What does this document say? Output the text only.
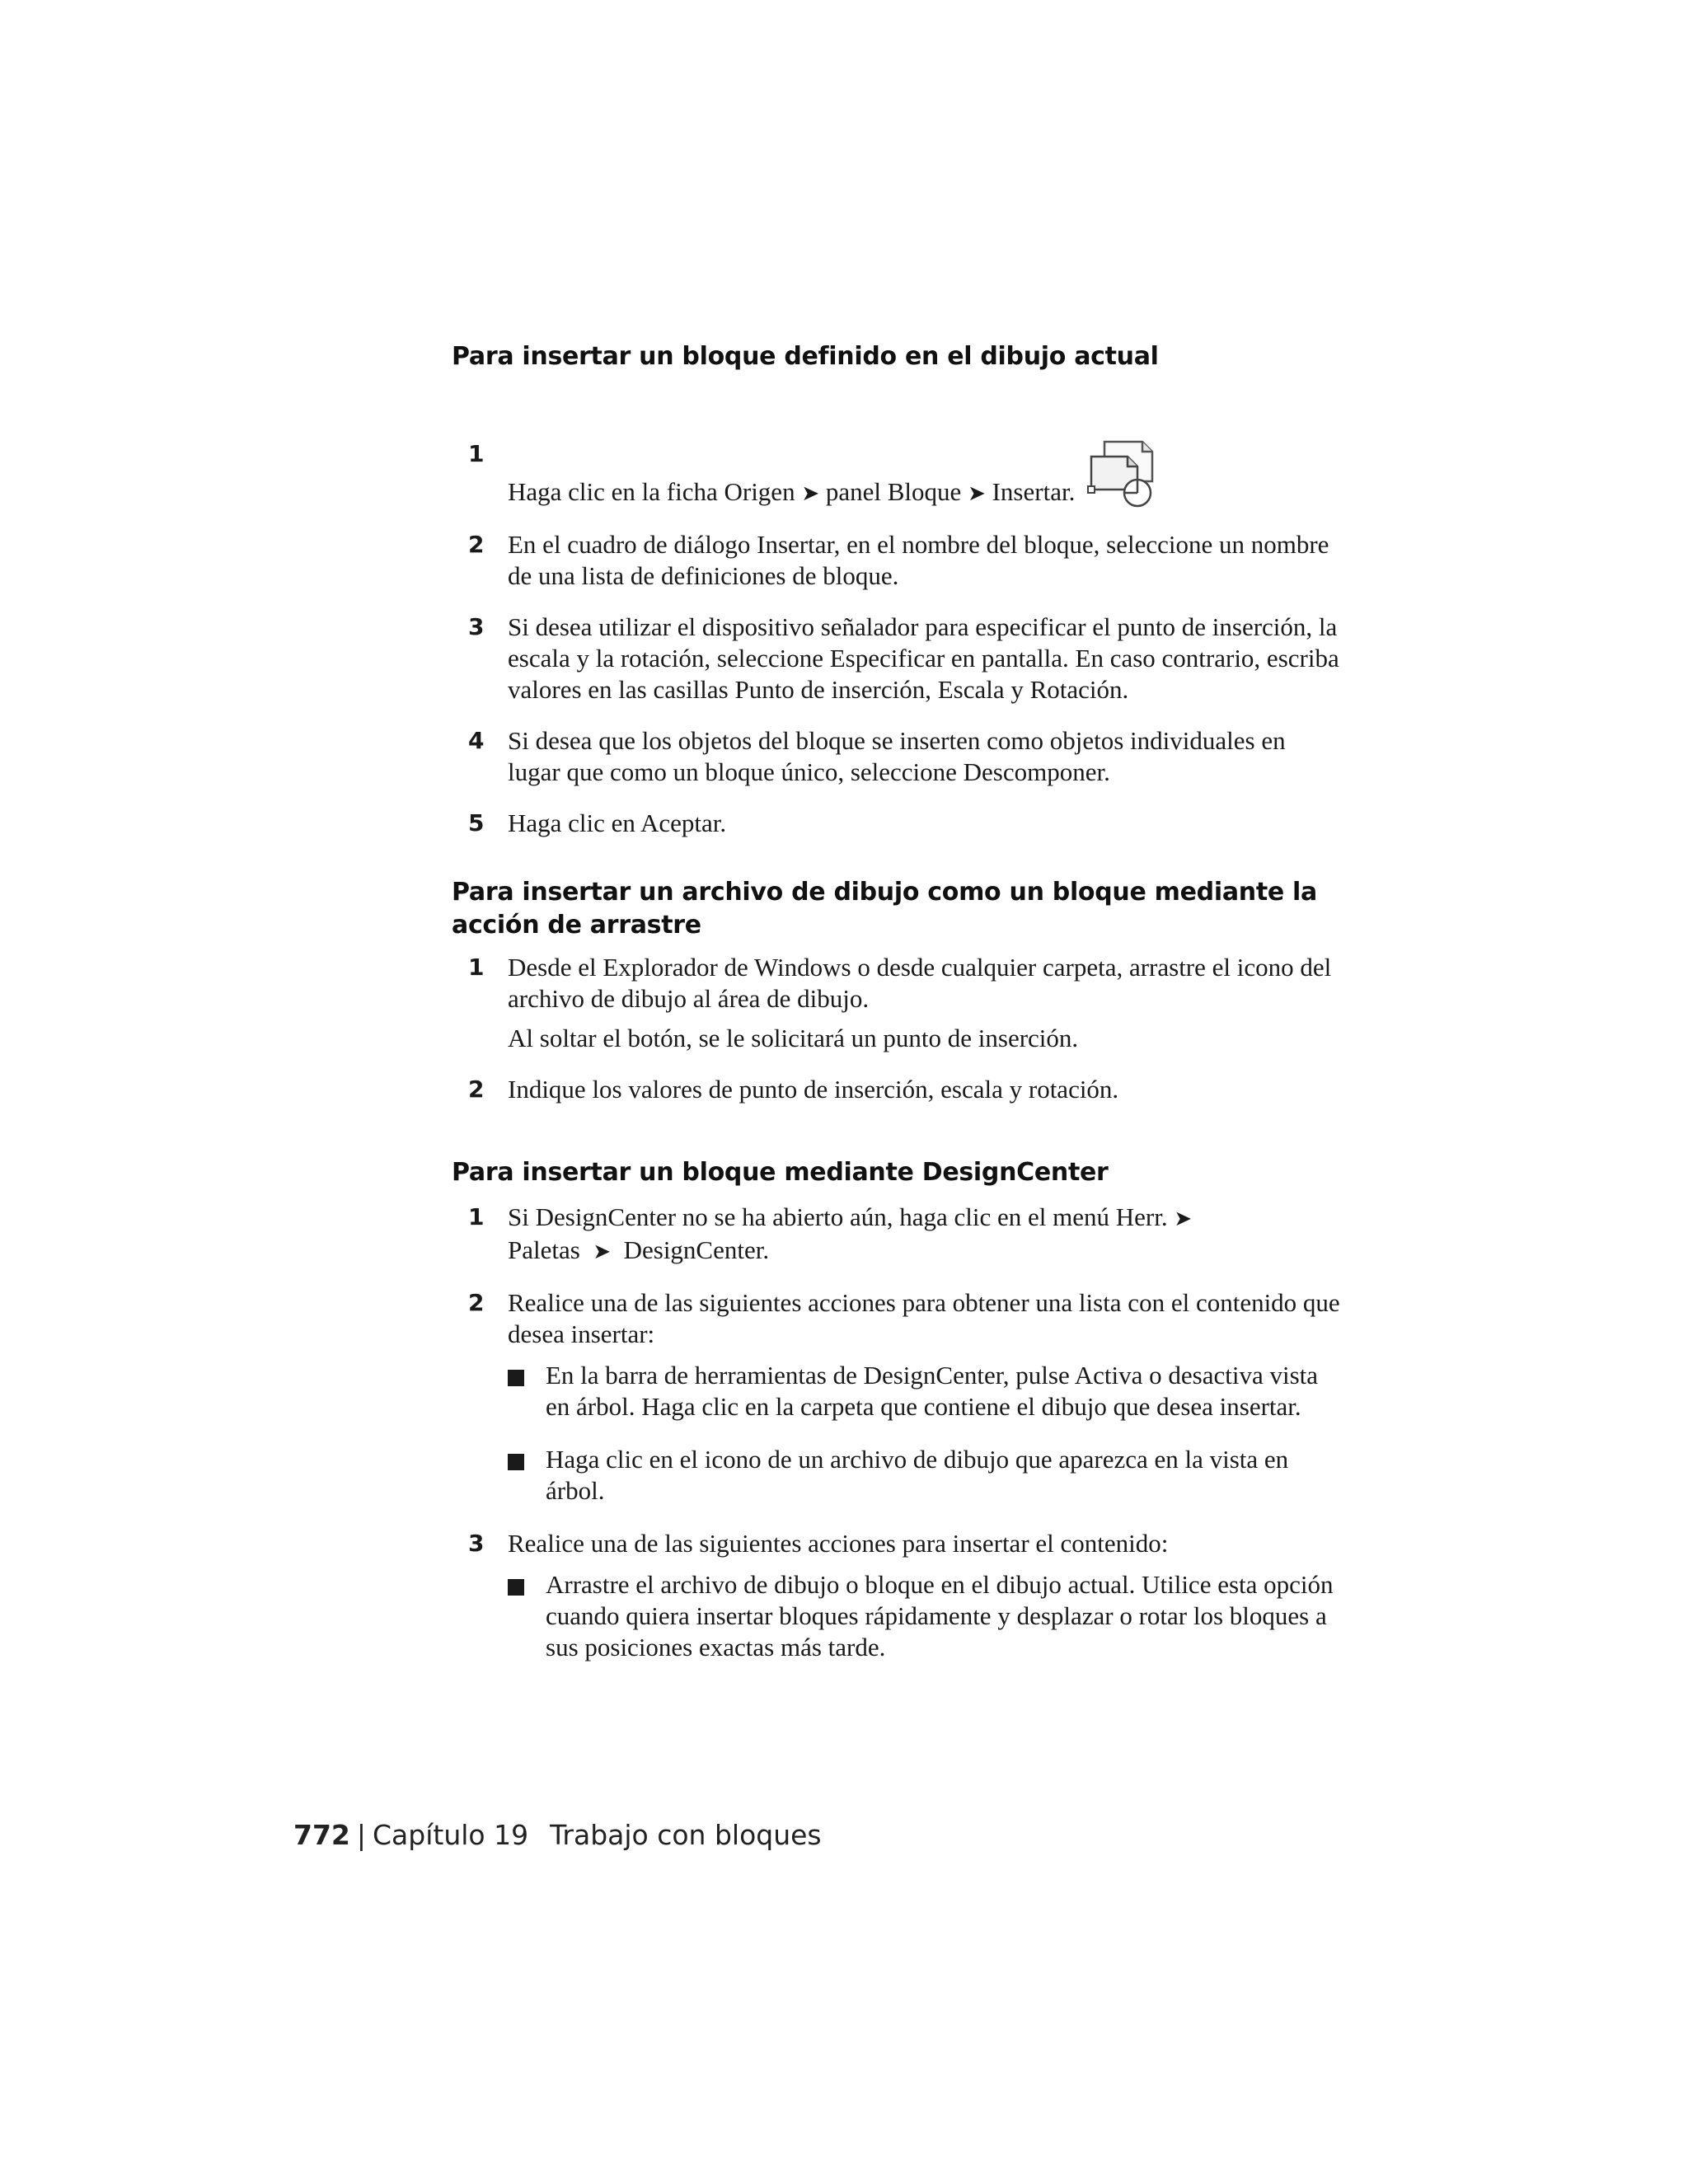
Para insertar un bloque definido en el dibujo actual
1

Haga clic en la ficha Origen ➤ panel Bloque ➤ Insertar.

2 En el cuadro de diálogo Insertar, en el nombre del bloque, seleccione un nombre de una lista de definiciones de bloque.

3 Si desea utilizar el dispositivo señalador para especificar el punto de inserción, la escala y la rotación, seleccione Especificar en pantalla. En caso contrario, escriba valores en las casillas Punto de inserción, Escala y Rotación.

4 Si desea que los objetos del bloque se inserten como objetos individuales en lugar que como un bloque único, seleccione Descomponer.

5 Haga clic en Aceptar.

Para insertar un archivo de dibujo como un bloque mediante la acción de arrastre
1 Desde el Explorador de Windows o desde cualquier carpeta, arrastre el icono del archivo de dibujo al área de dibujo.

Al soltar el botón, se le solicitará un punto de inserción.

2 Indique los valores de punto de inserción, escala y rotación.

Para insertar un bloque mediante DesignCenter
1 Si DesignCenter no se ha abierto aún, haga clic en el menú Herr. ➤
Paletas ➤ DesignCenter.

2 Realice una de las siguientes acciones para obtener una lista con el contenido que desea insertar:

En la barra de herramientas de DesignCenter, pulse Activa o desactiva vista en árbol. Haga clic en la carpeta que contiene el dibujo que desea insertar.

Haga clic en el icono de un archivo de dibujo que aparezca en la vista en árbol.

3 Realice una de las siguientes acciones para insertar el contenido:

Arrastre el archivo de dibujo o bloque en el dibujo actual. Utilice esta opción cuando quiera insertar bloques rápidamente y desplazar o rotar los bloques a sus posiciones exactas más tarde.

772 | Capítulo 19 Trabajo con bloques
